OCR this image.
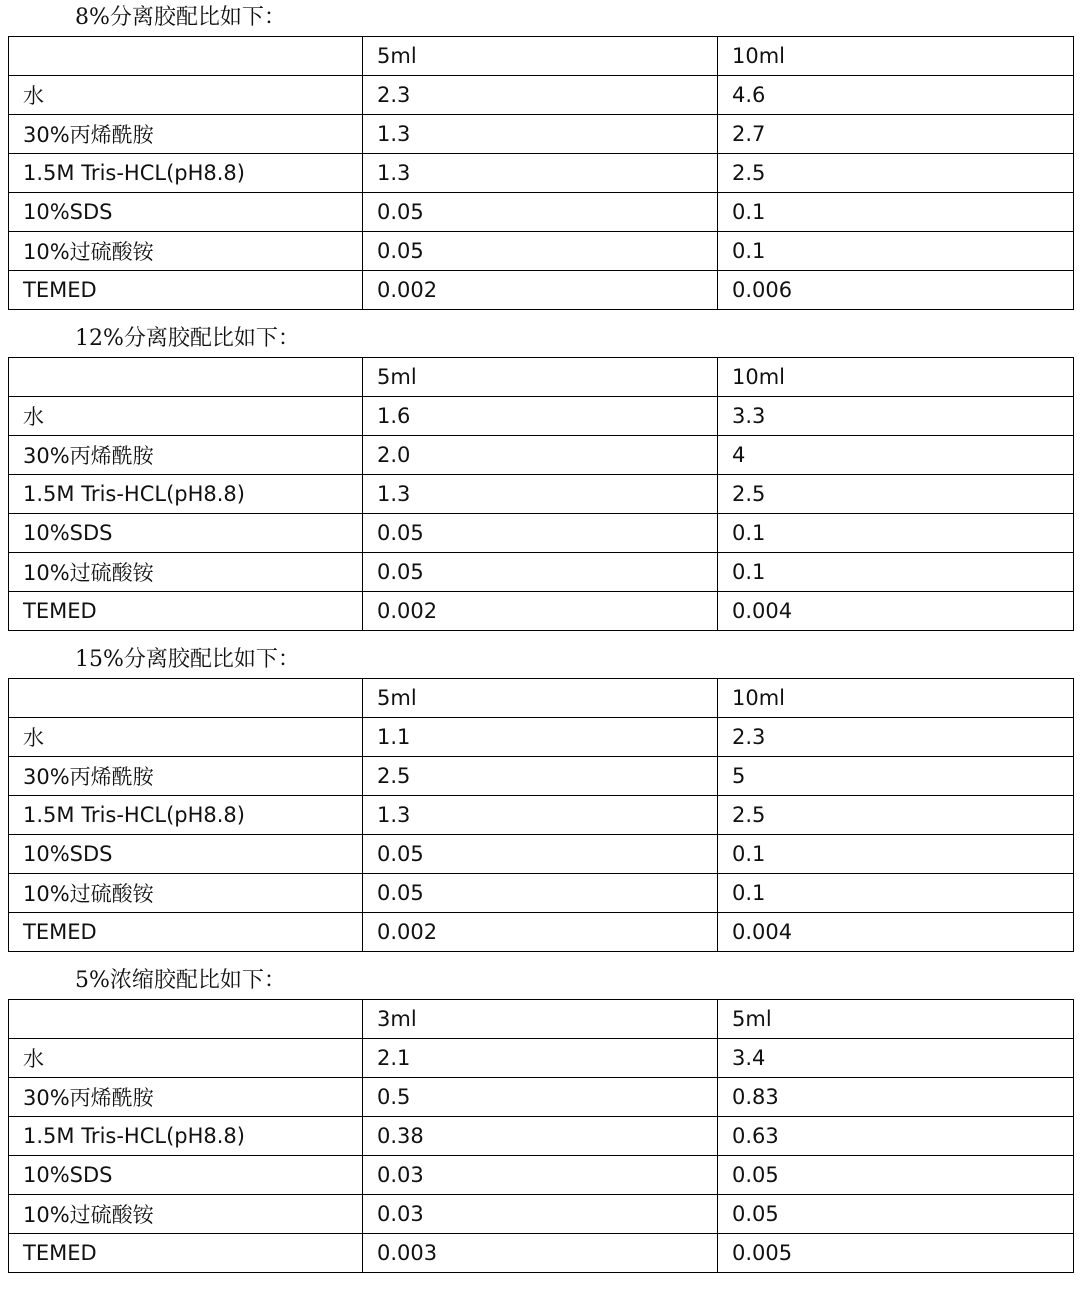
8%分离胶配比如下：
	5ml	10ml
水	2.3	4.6
30%丙烯酰胺	1.3	2.7
1.5M Tris-HCL(pH8.8)	1.3	2.5
10%SDS	0.05	0.1
10%过硫酸铵	0.05	0.1
TEMED	0.002	0.006
12%分离胶配比如下：
	5ml	10ml
水	1.6	3.3
30%丙烯酰胺	2.0	4
1.5M Tris-HCL(pH8.8)	1.3	2.5
10%SDS	0.05	0.1
10%过硫酸铵	0.05	0.1
TEMED	0.002	0.004
15%分离胶配比如下：
	5ml	10ml
水	1.1	2.3
30%丙烯酰胺	2.5	5
1.5M Tris-HCL(pH8.8)	1.3	2.5
10%SDS	0.05	0.1
10%过硫酸铵	0.05	0.1
TEMED	0.002	0.004
5%浓缩胶配比如下：
	3ml	5ml
水	2.1	3.4
30%丙烯酰胺	0.5	0.83
1.5M Tris-HCL(pH8.8)	0.38	0.63
10%SDS	0.03	0.05
10%过硫酸铵	0.03	0.05
TEMED	0.003	0.005
